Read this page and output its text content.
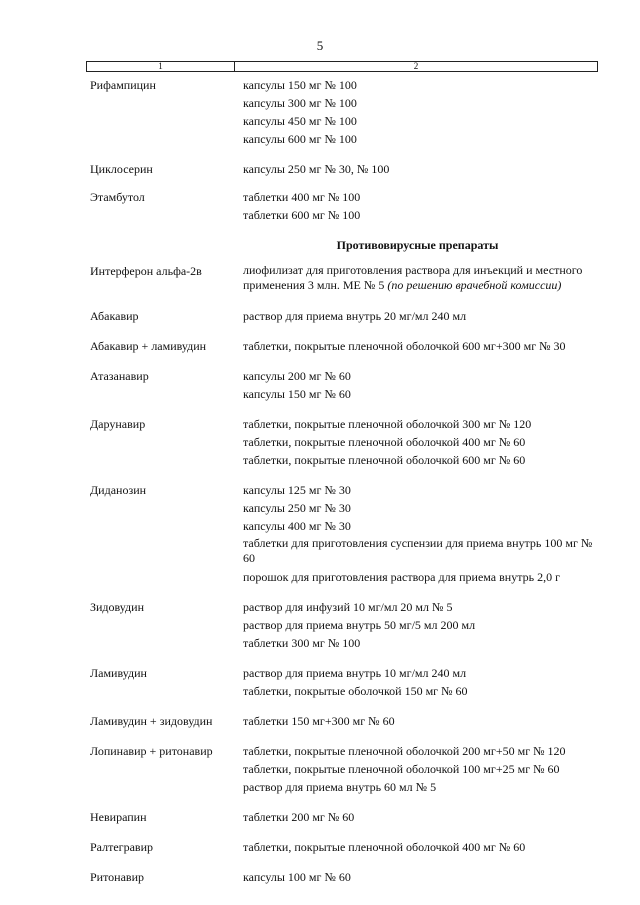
5
1	2
Рифампицин	капсулы 150 мг № 100
капсулы 300 мг № 100
капсулы 450 мг № 100
капсулы 600 мг № 100
Циклосерин	капсулы 250 мг № 30, № 100
Этамбутол	таблетки 400 мг № 100
таблетки 600 мг № 100
Противовирусные препараты
Интерферон альфа-2в	лиофилизат для приготовления раствора для инъекций и местного применения 3 млн. МЕ № 5 (по решению врачебной комиссии)
Абакавир	раствор для приема внутрь 20 мг/мл 240 мл
Абакавир + ламивудин	таблетки, покрытые пленочной оболочкой 600 мг+300 мг № 30
Атазанавир	капсулы 200 мг № 60
капсулы 150 мг № 60
Дарунавир	таблетки, покрытые пленочной оболочкой 300 мг № 120
таблетки, покрытые пленочной оболочкой 400 мг № 60
таблетки, покрытые пленочной оболочкой 600 мг № 60
Диданозин	капсулы 125 мг № 30
капсулы 250 мг № 30
капсулы 400 мг № 30
таблетки для приготовления суспензии для приема внутрь 100 мг № 60
порошок для приготовления раствора для приема внутрь 2,0 г
Зидовудин	раствор для инфузий 10 мг/мл 20 мл № 5
раствор для приема внутрь 50 мг/5 мл 200 мл
таблетки 300 мг № 100
Ламивудин	раствор для приема внутрь 10 мг/мл 240 мл
таблетки, покрытые оболочкой 150 мг № 60
Ламивудин + зидовудин	таблетки 150 мг+300 мг № 60
Лопинавир + ритонавир	таблетки, покрытые пленочной оболочкой 200 мг+50 мг № 120
таблетки, покрытые пленочной оболочкой 100 мг+25 мг № 60
раствор для приема внутрь 60 мл № 5
Невирапин	таблетки 200 мг № 60
Ралтегравир	таблетки, покрытые пленочной оболочкой 400 мг № 60
Ритонавир	капсулы 100 мг № 60
